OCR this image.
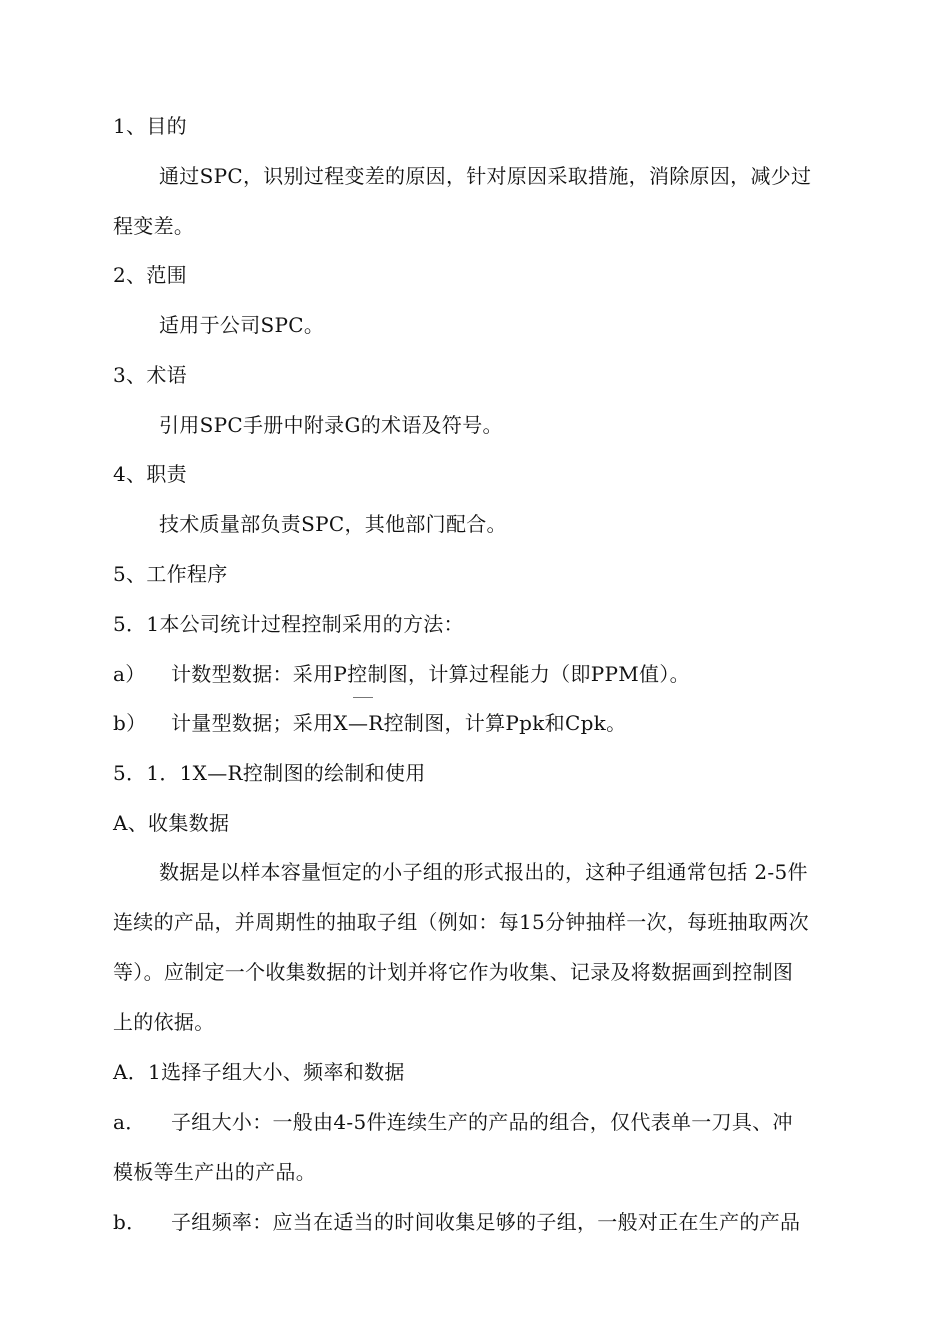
1、目的
通过SPC，识别过程变差的原因，针对原因采取措施，消除原因，减少过
程变差。
2、范围
适用于公司SPC。
3、术语
引用SPC手册中附录G的术语及符号。
4、职责
技术质量部负责SPC，其他部门配合。
5、工作程序
5．1本公司统计过程控制采用的方法：
a） 计数型数据：采用P控制图，计算过程能力（即PPM值）。
b） 计量型数据；采用X—R控制图，计算Ppk和Cpk。
5．1．1X—R控制图的绘制和使用
A、收集数据
数据是以样本容量恒定的小子组的形式报出的，这种子组通常包括 2-5件
连续的产品，并周期性的抽取子组（例如：每15分钟抽样一次，每班抽取两次
等）。应制定一个收集数据的计划并将它作为收集、记录及将数据画到控制图
上的依据。
A．1选择子组大小、频率和数据
a． 子组大小：一般由4-5件连续生产的产品的组合，仅代表单一刀具、冲
模板等生产出的产品。
b． 子组频率：应当在适当的时间收集足够的子组，一般对正在生产的产品
